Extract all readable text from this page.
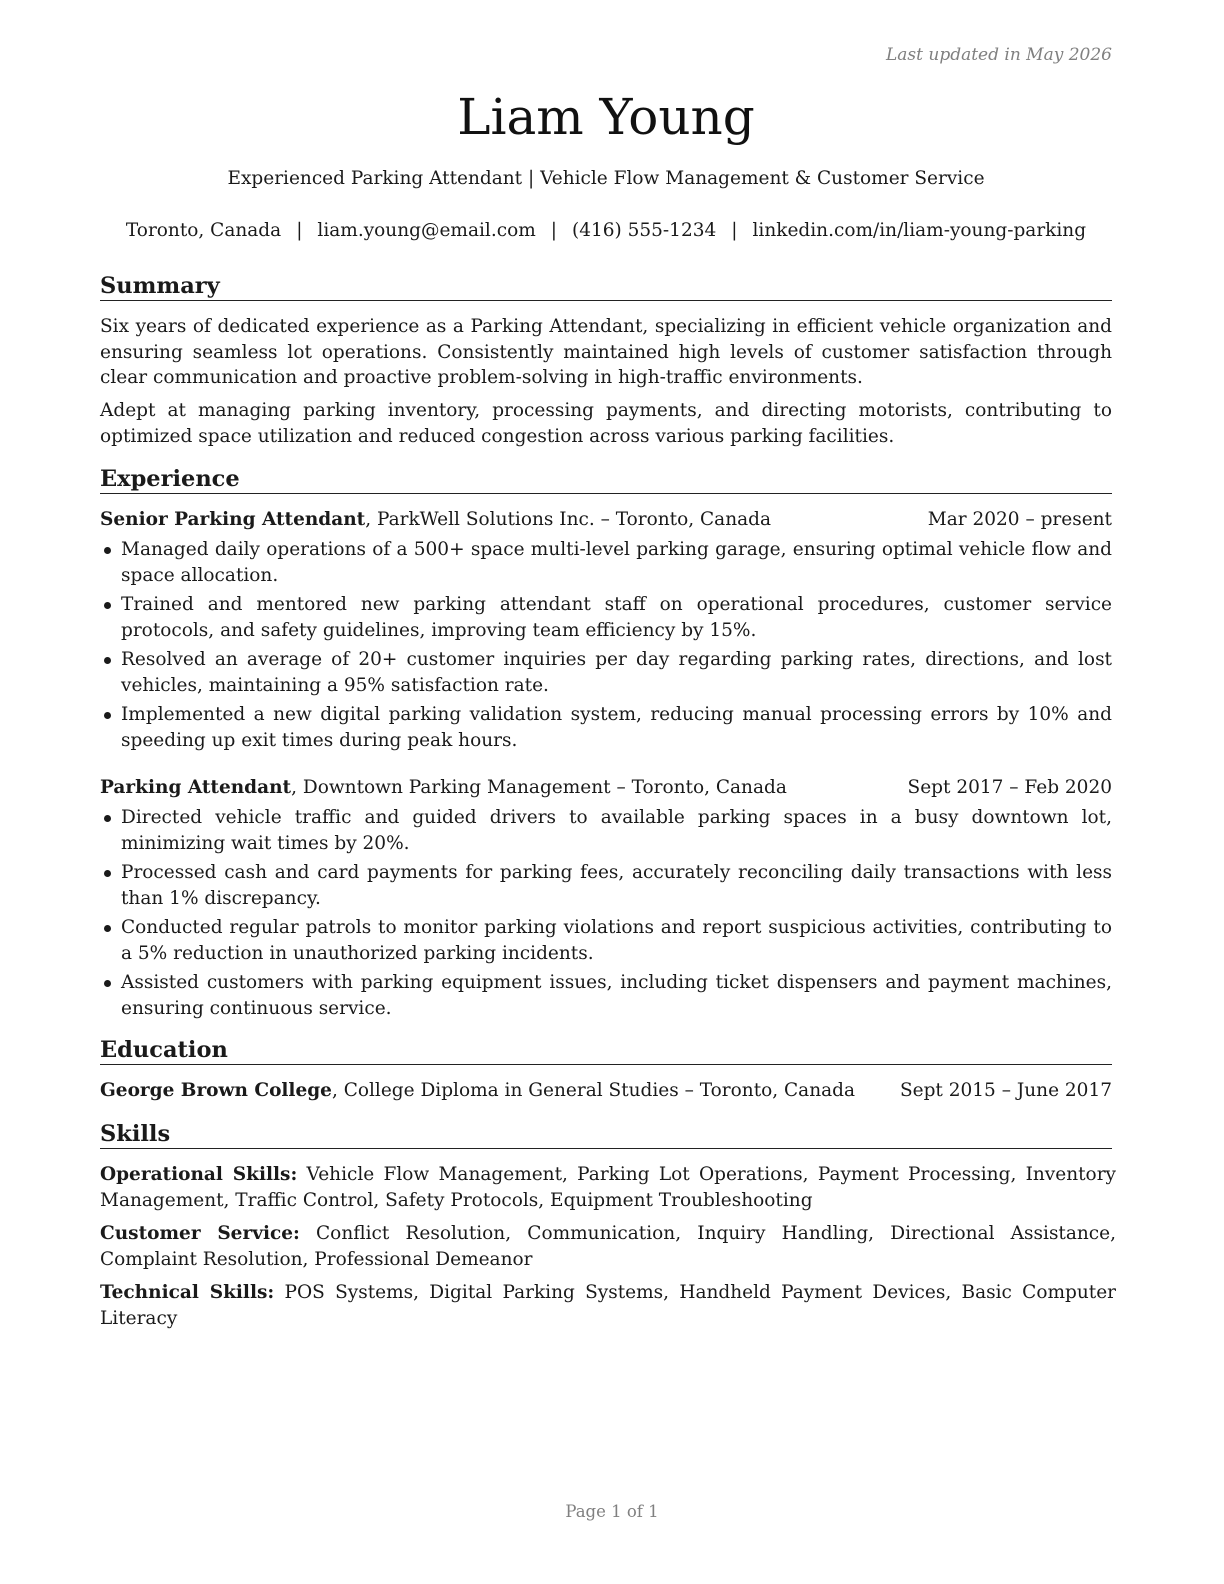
Last updated in May 2026
Liam Young
Experienced Parking Attendant | Vehicle Flow Management & Customer Service
Toronto, Canada | liam.young@email.com | (416) 555-1234 | linkedin.com/in/liam-young-parking
Summary

Six years of dedicated experience as a Parking Attendant, specializing in efficient vehicle organization and ensuring seamless lot operations. Consistently maintained high levels of customer satisfaction through clear communication and proactive problem-solving in high-traffic environments.

Adept at managing parking inventory, processing payments, and directing motorists, contributing to optimized space utilization and reduced congestion across various parking facilities.

Experience
Senior Parking Attendant, ParkWell Solutions Inc. – Toronto, Canada	Mar 2020 – present
Managed daily operations of a 500+ space multi-level parking garage, ensuring optimal vehicle flow and space allocation.
Trained and mentored new parking attendant staff on operational procedures, customer service protocols, and safety guidelines, improving team efficiency by 15%.
Resolved an average of 20+ customer inquiries per day regarding parking rates, directions, and lost vehicles, maintaining a 95% satisfaction rate.
Implemented a new digital parking validation system, reducing manual processing errors by 10% and speeding up exit times during peak hours.
Parking Attendant, Downtown Parking Management – Toronto, Canada	Sept 2017 – Feb 2020
Directed vehicle traffic and guided drivers to available parking spaces in a busy downtown lot, minimizing wait times by 20%.
Processed cash and card payments for parking fees, accurately reconciling daily transactions with less than 1% discrepancy.
Conducted regular patrols to monitor parking violations and report suspicious activities, contributing to a 5% reduction in unauthorized parking incidents.
Assisted customers with parking equipment issues, including ticket dispensers and payment machines, ensuring continuous service.
Education
George Brown College, College Diploma in General Studies – Toronto, Canada Sept 2015 – June 2017
Skills

Operational Skills: Vehicle Flow Management, Parking Lot Operations, Payment Processing, Inventory Management, Traffic Control, Safety Protocols, Equipment Troubleshooting

Customer Service: Conflict Resolution, Communication, Inquiry Handling, Directional Assistance, Complaint Resolution, Professional Demeanor

Technical Skills: POS Systems, Digital Parking Systems, Handheld Payment Devices, Basic Computer Literacy

Page 1 of 1
